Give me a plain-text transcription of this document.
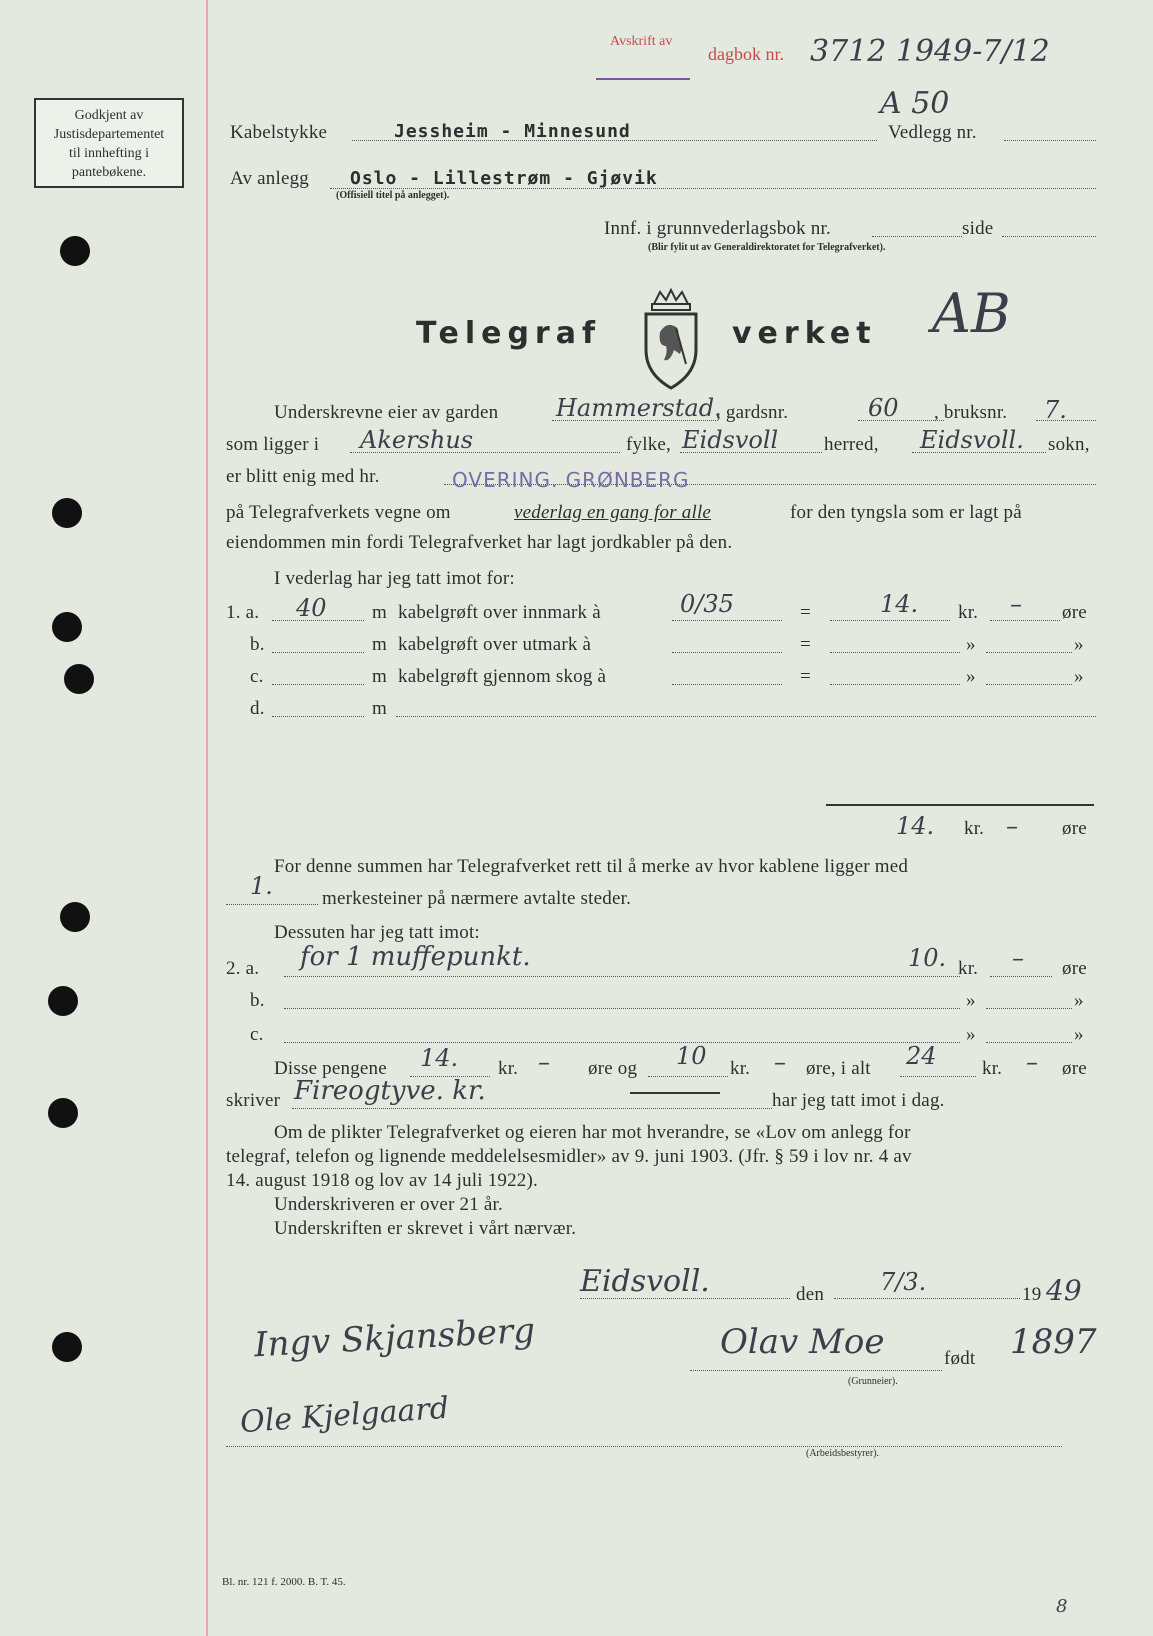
Godkjent av
Justisdepartementet
til innhefting i
pantebøkene.
Avskrift av
dagbok nr. 3712 1949-7/12
A 50
Kabelstykke	Jessheim - Minnesund	Vedlegg nr.
Av anlegg Oslo - Lillestrøm - Gjøvik
(Offisiell titel på anlegget).
Innf. i grunnvederlagsbok nr.	side
(Blir fylit ut av Generaldirektoratet for Telegrafverket).
Telegraf	verket AB
Underskrevne eier av garden Hammerstad.
, gardsnr.	60 , bruksnr. 7.
som ligger i Akershus	fylke, Eidsvoll herred, Eidsvoll. sokn,
er blitt enig med hr.	OVERING. GRØNBERG
på Telegrafverkets vegne om	vederlag en gang for alle	for den tyngsla som er lagt på
eiendommen min fordi Telegrafverket har lagt jordkabler på den.
I vederlag har jeg tatt imot for:
1. a. 40 m kabelgrøft over innmark à	0/35	=	14. kr. – øre
b.	m kabelgrøft over utmark à	=	»	»
c.	m kabelgrøft gjennom skog à	=	»	»
d.	m
14. kr. – øre
For denne summen har Telegrafverket rett til å merke av hvor kablene ligger med
1.	merkesteiner på nærmere avtalte steder.
Dessuten har jeg tatt imot:
2. a. for 1 muffepunkt.	10. kr. – øre
b.	»	»
c.	»	»
Disse pengene 14. kr. – øre og 10 kr. – øre, i alt 24 kr. – øre
skriver Fireogtyve. kr.	har jeg tatt imot i dag.
Om de plikter Telegrafverket og eieren har mot hverandre, se «Lov om anlegg for
telegraf, telefon og lignende meddelelsesmidler» av 9. juni 1903. (Jfr. § 59 i lov nr. 4 av
14. august 1918 og lov av 14 juli 1922).
Underskriveren er over 21 år.
Underskriften er skrevet i vårt nærvær.
Eidsvoll.	den 7/3.	19 49
Ingv Skjansberg	Olav Moe	født 1897
(Grunneier).
Ole Kjelgaard
(Arbeidsbestyrer).
Bl. nr. 121 f. 2000. B. T. 45.
8
